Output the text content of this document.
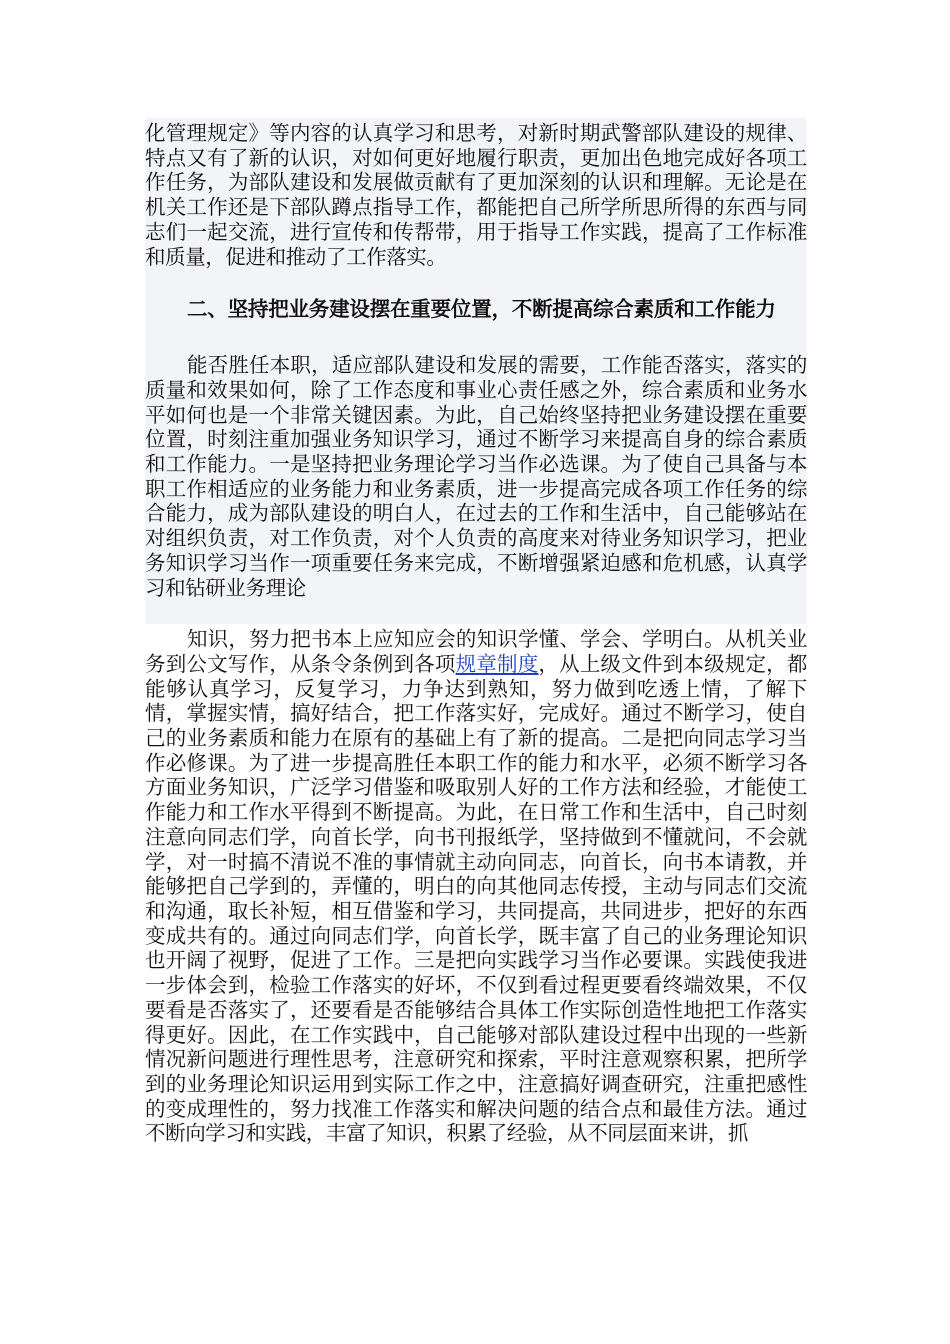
化管理规定》等内容的认真学习和思考，对新时期武警部队建设的规律、特点又有了新的认识，对如何更好地履行职责，更加出色地完成好各项工作任务，为部队建设和发展做贡献有了更加深刻的认识和理解。无论是在机关工作还是下部队蹲点指导工作，都能把自己所学所思所得的东西与同志们一起交流，进行宣传和传帮带，用于指导工作实践，提高了工作标准和质量，促进和推动了工作落实。
二、坚持把业务建设摆在重要位置，不断提高综合素质和工作能力
能否胜任本职，适应部队建设和发展的需要，工作能否落实，落实的质量和效果如何，除了工作态度和事业心责任感之外，综合素质和业务水平如何也是一个非常关键因素。为此，自己始终坚持把业务建设摆在重要位置，时刻注重加强业务知识学习，通过不断学习来提高自身的综合素质和工作能力。一是坚持把业务理论学习当作必选课。为了使自己具备与本职工作相适应的业务能力和业务素质，进一步提高完成各项工作任务的综合能力，成为部队建设的明白人，在过去的工作和生活中，自己能够站在对组织负责，对工作负责，对个人负责的高度来对待业务知识学习，把业务知识学习当作一项重要任务来完成，不断增强紧迫感和危机感，认真学习和钻研业务理论
知识，努力把书本上应知应会的知识学懂、学会、学明白。从机关业务到公文写作，从条令条例到各项规章制度，从上级文件到本级规定，都能够认真学习，反复学习，力争达到熟知，努力做到吃透上情，了解下情，掌握实情，搞好结合，把工作落实好，完成好。通过不断学习，使自己的业务素质和能力在原有的基础上有了新的提高。二是把向同志学习当作必修课。为了进一步提高胜任本职工作的能力和水平，必须不断学习各方面业务知识，广泛学习借鉴和吸取别人好的工作方法和经验，才能使工作能力和工作水平得到不断提高。为此，在日常工作和生活中，自己时刻注意向同志们学，向首长学，向书刊报纸学，坚持做到不懂就问，不会就学，对一时搞不清说不准的事情就主动向同志，向首长，向书本请教，并能够把自己学到的，弄懂的，明白的向其他同志传授，主动与同志们交流和沟通，取长补短，相互借鉴和学习，共同提高，共同进步，把好的东西变成共有的。通过向同志们学，向首长学，既丰富了自己的业务理论知识也开阔了视野，促进了工作。三是把向实践学习当作必要课。实践使我进一步体会到，检验工作落实的好坏，不仅到看过程更要看终端效果，不仅要看是否落实了，还要看是否能够结合具体工作实际创造性地把工作落实得更好。因此，在工作实践中，自己能够对部队建设过程中出现的一些新情况新问题进行理性思考，注意研究和探索，平时注意观察积累，把所学到的业务理论知识运用到实际工作之中，注意搞好调查研究，注重把感性的变成理性的，努力找准工作落实和解决问题的结合点和最佳方法。通过不断向学习和实践，丰富了知识，积累了经验，从不同层面来讲，抓
